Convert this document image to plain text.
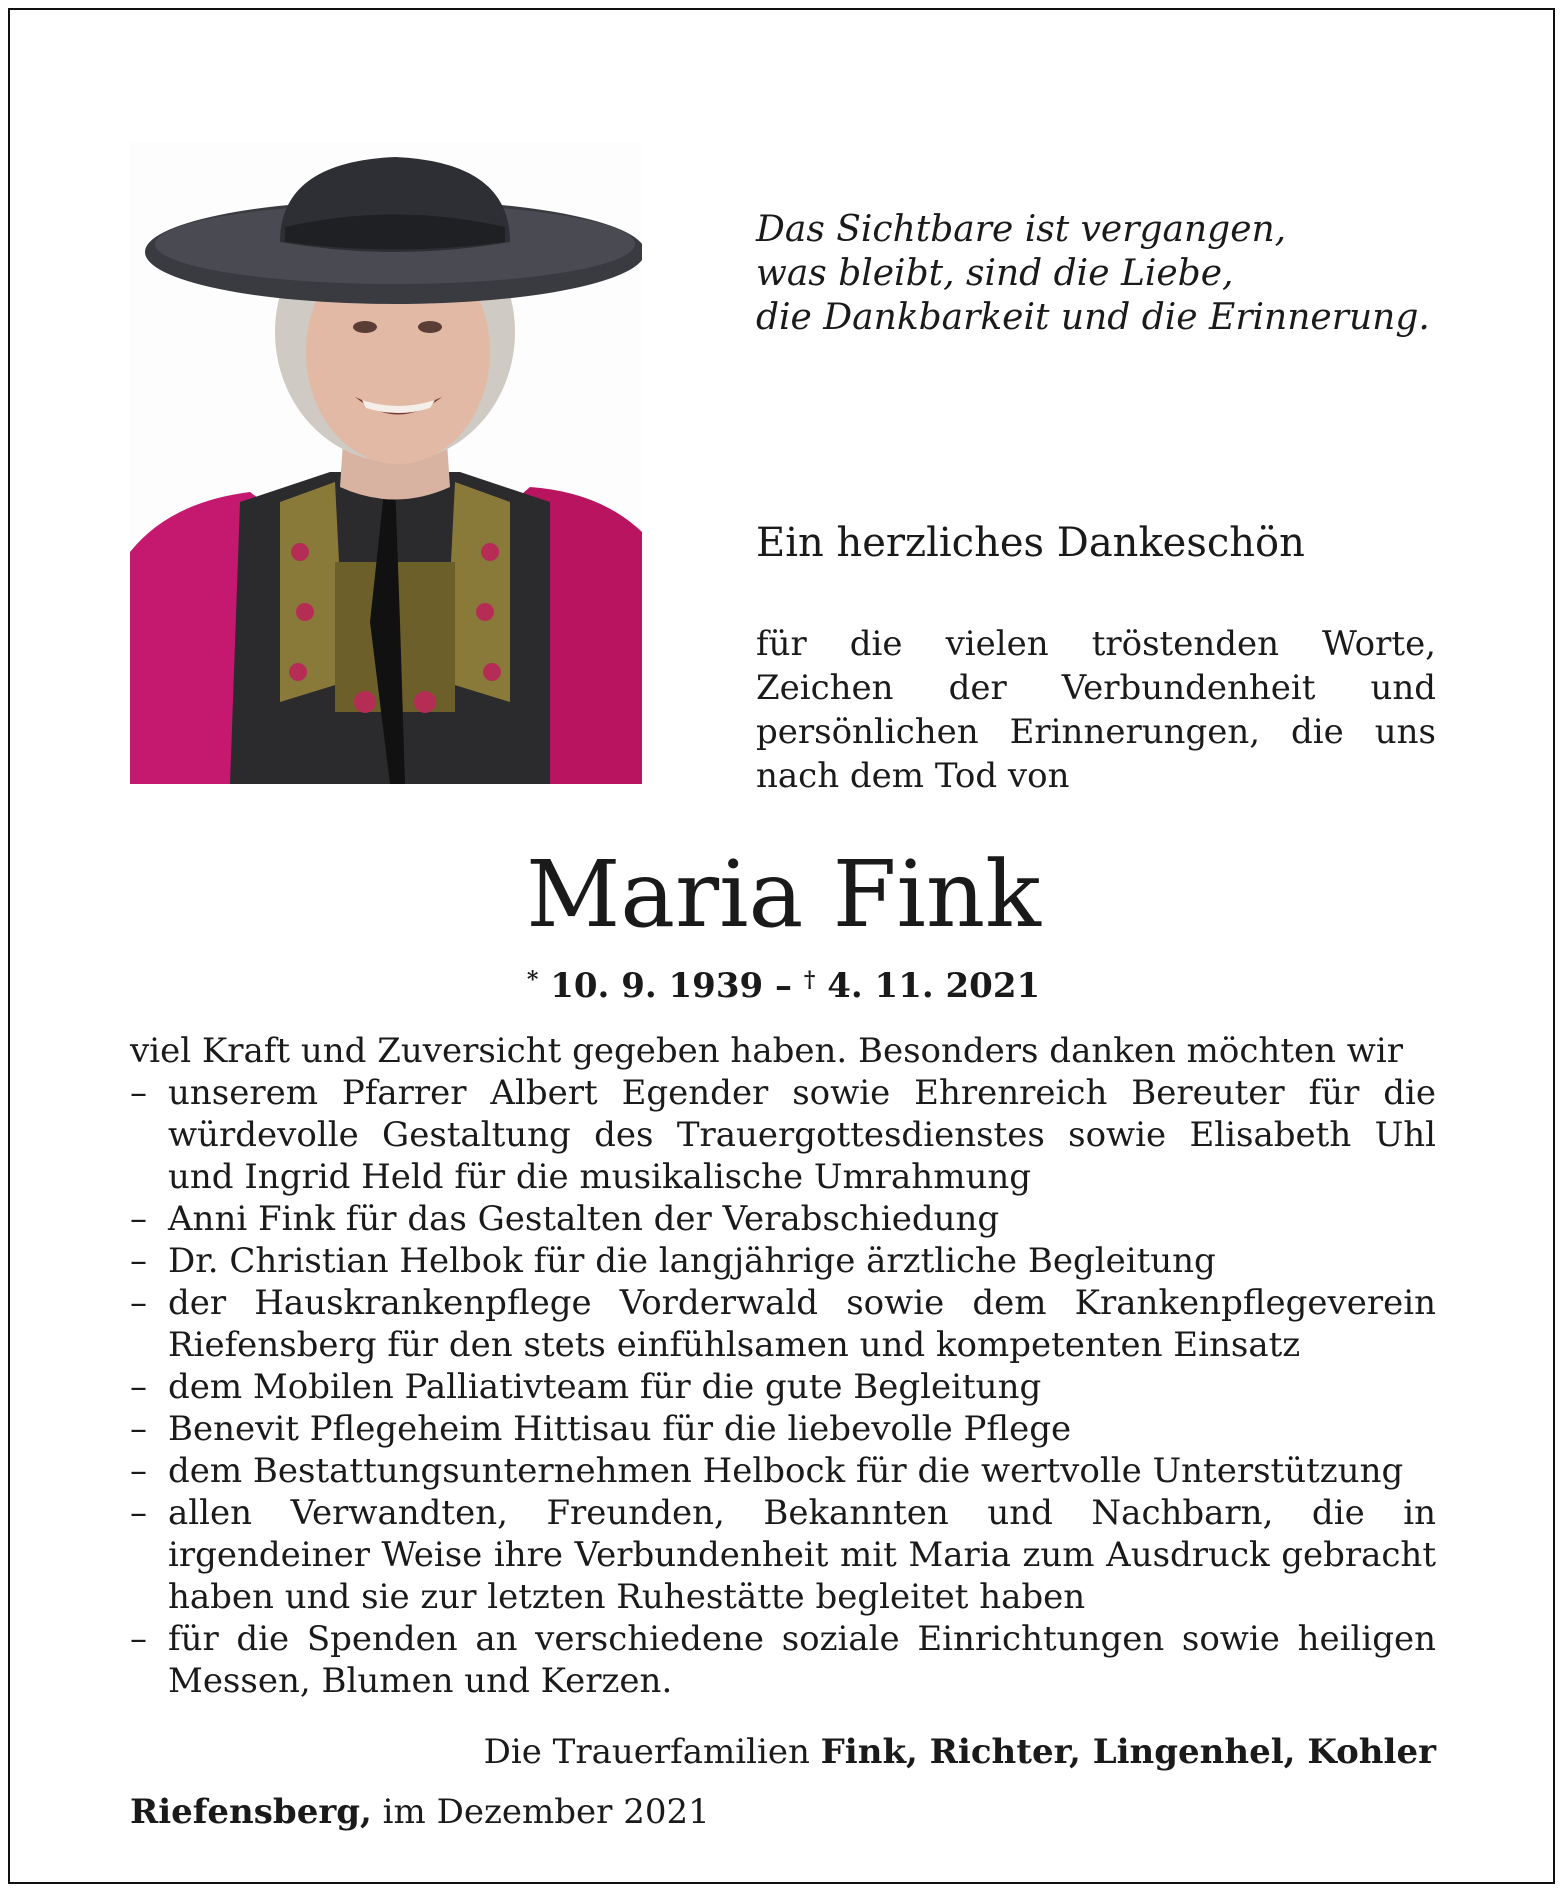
Das Sichtbare ist vergangen,
was bleibt, sind die Liebe,
die Dankbarkeit und die Erinnerung.
Ein herzliches Dankeschön
für die vielen tröstenden Worte, Zeichen der Verbundenheit und persönlichen Erinnerungen, die uns nach dem Tod von
Maria Fink
* 10. 9. 1939 – † 4. 11. 2021
viel Kraft und Zuversicht gegeben haben. Besonders danken möchten wir
– unserem Pfarrer Albert Egender sowie Ehrenreich Bereuter für die würdevolle Gestaltung des Trauergottesdienstes sowie Elisabeth Uhl und Ingrid Held für die musikalische Umrahmung
– Anni Fink für das Gestalten der Verabschiedung
– Dr. Christian Helbok für die langjährige ärztliche Begleitung
– der Hauskrankenpflege Vorderwald sowie dem Krankenpflegeverein Riefensberg für den stets einfühlsamen und kompetenten Einsatz
– dem Mobilen Palliativteam für die gute Begleitung
– Benevit Pflegeheim Hittisau für die liebevolle Pflege
– dem Bestattungsunternehmen Helbock für die wertvolle Unterstützung
– allen Verwandten, Freunden, Bekannten und Nachbarn, die in irgendeiner Weise ihre Verbundenheit mit Maria zum Ausdruck gebracht haben und sie zur letzten Ruhestätte begleitet haben
– für die Spenden an verschiedene soziale Einrichtungen sowie heiligen Messen, Blumen und Kerzen.
Die Trauerfamilien Fink, Richter, Lingenhel, Kohler
Riefensberg, im Dezember 2021
